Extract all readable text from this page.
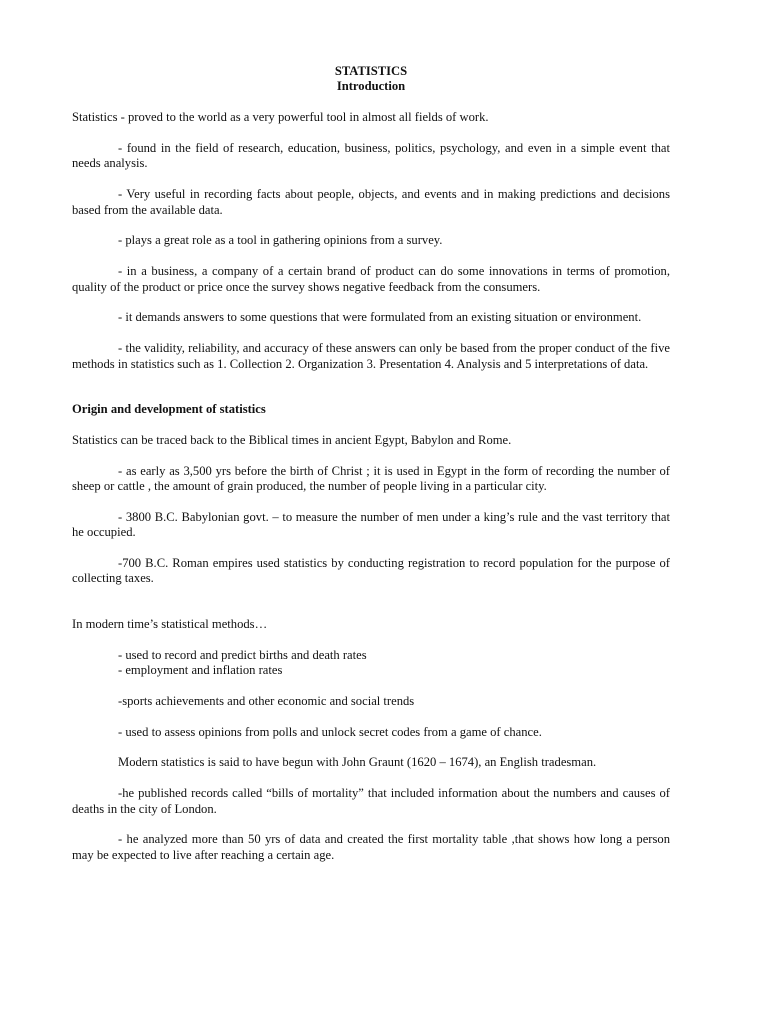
STATISTICS

Introduction

Statistics - proved to the world as a very powerful tool in almost all fields of work.

- found in the field of research, education, business, politics, psychology, and even in a simple event that needs analysis.

- Very useful in recording facts about people, objects, and events and in making predictions and decisions based from the available data.

- plays a great role as a tool in gathering opinions from a survey.

- in a business, a company of a certain brand of product can do some innovations in terms of promotion, quality of the product or price once the survey shows negative feedback from the consumers.

- it demands answers to some questions that were formulated from an existing situation or environment.

- the validity, reliability, and accuracy of these answers can only be based from the proper conduct of the five methods in statistics such as 1. Collection 2. Organization 3. Presentation 4. Analysis and 5 interpretations of data.

Origin and development of statistics

Statistics can be traced back to the Biblical times in ancient Egypt, Babylon and Rome.

- as early as 3,500 yrs before the birth of Christ ; it is used in Egypt in the form of recording the number of sheep or cattle , the amount of grain produced, the number of people living in a particular city.

- 3800 B.C. Babylonian govt. – to measure the number of men under a king’s rule and the vast territory that he occupied.

-700 B.C. Roman empires used statistics by conducting registration to record population for the purpose of collecting taxes.

In modern time’s statistical methods…

- used to record and predict births and death rates

- employment and inflation rates

-sports achievements and other economic and social trends

- used to assess opinions from polls and unlock secret codes from a game of chance.

Modern statistics is said to have begun with John Graunt (1620 – 1674), an English tradesman.

-he published records called “bills of mortality” that included information about the numbers and causes of deaths in the city of London.

- he analyzed more than 50 yrs of data and created the first mortality table ,that shows how long a person may be expected to live after reaching a certain age.
